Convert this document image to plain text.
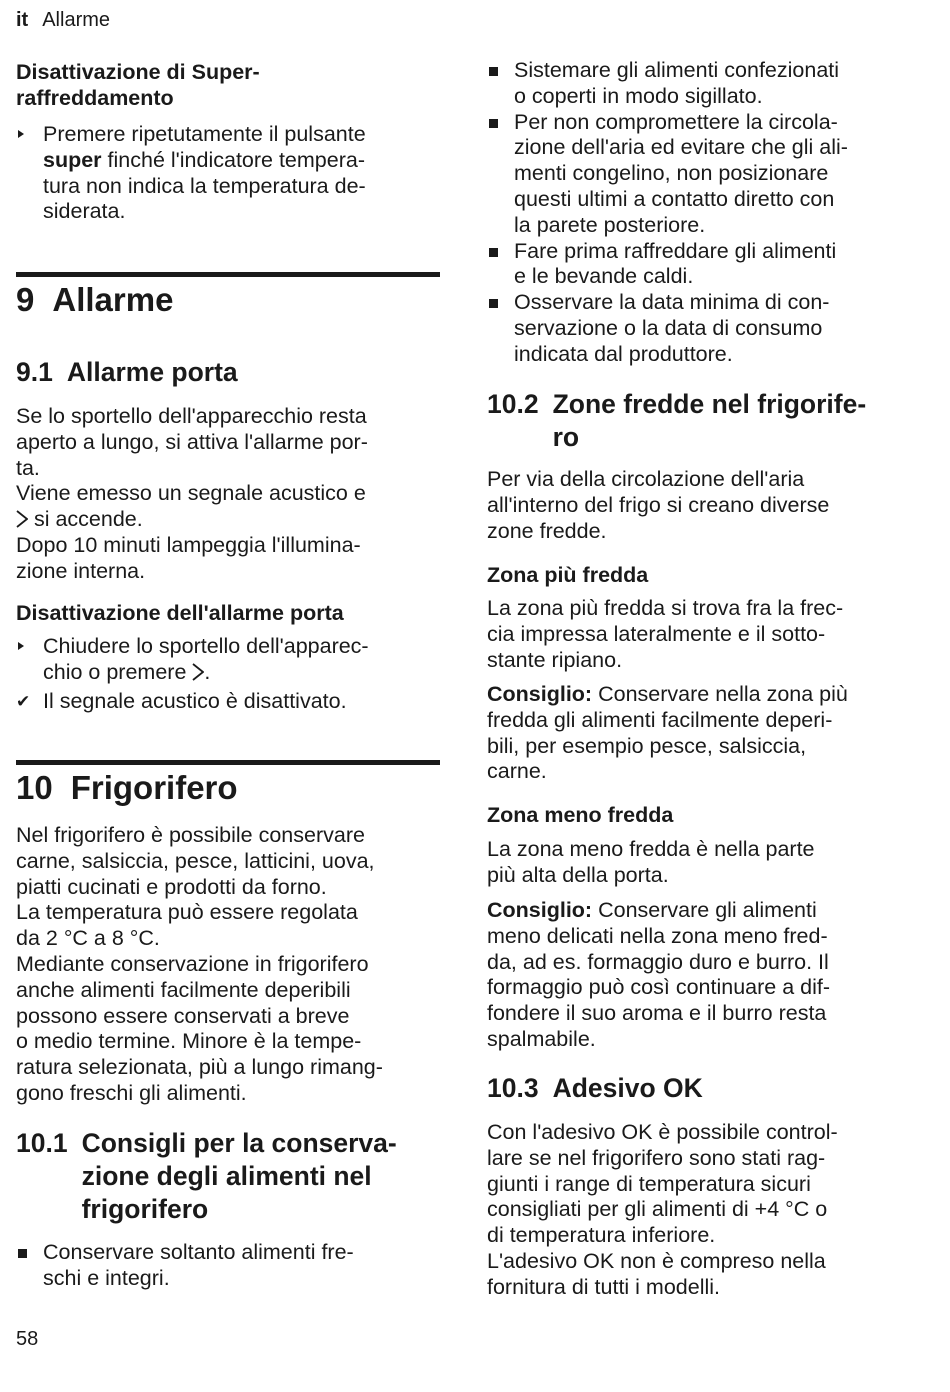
it Allarme
Disattivazione di Super-
raffreddamento
Premere ripetutamente il pulsante
super finché l'indicatore tempera-
tura non indica la temperatura de-
siderata.
9 Allarme
9.1 Allarme porta
Se lo sportello dell'apparecchio resta
aperto a lungo, si attiva l'allarme por-
ta.
Viene emesso un segnale acustico e
si accende.
Dopo 10 minuti lampeggia l'illumina-
zione interna.
Disattivazione dell'allarme porta
Chiudere lo sportello dell'apparec-
chio o premere .
✔ Il segnale acustico è disattivato.
10 Frigorifero
Nel frigorifero è possibile conservare
carne, salsiccia, pesce, latticini, uova,
piatti cucinati e prodotti da forno.
La temperatura può essere regolata
da 2 °C a 8 °C.
Mediante conservazione in frigorifero
anche alimenti facilmente deperibili
possono essere conservati a breve
o medio termine. Minore è la tempe-
ratura selezionata, più a lungo rimang-
gono freschi gli alimenti.
10.1 Consigli per la conserva-
zione degli alimenti nel
frigorifero
Conservare soltanto alimenti fre-
schi e integri.
Sistemare gli alimenti confezionati
o coperti in modo sigillato.
Per non compromettere la circola-
zione dell'aria ed evitare che gli ali-
menti congelino, non posizionare
questi ultimi a contatto diretto con
la parete posteriore.
Fare prima raffreddare gli alimenti
e le bevande caldi.
Osservare la data minima di con-
servazione o la data di consumo
indicata dal produttore.
10.2 Zone fredde nel frigorife-
ro
Per via della circolazione dell'aria
all'interno del frigo si creano diverse
zone fredde.
Zona più fredda
La zona più fredda si trova fra la frec-
cia impressa lateralmente e il sotto-
stante ripiano.
Consiglio: Conservare nella zona più
fredda gli alimenti facilmente deperi-
bili, per esempio pesce, salsiccia,
carne.
Zona meno fredda
La zona meno fredda è nella parte
più alta della porta.
Consiglio: Conservare gli alimenti
meno delicati nella zona meno fred-
da, ad es. formaggio duro e burro. Il
formaggio può così continuare a dif-
fondere il suo aroma e il burro resta
spalmabile.
10.3 Adesivo OK
Con l'adesivo OK è possibile control-
lare se nel frigorifero sono stati rag-
giunti i range di temperatura sicuri
consigliati per gli alimenti di +4 °C o
di temperatura inferiore.
L'adesivo OK non è compreso nella
fornitura di tutti i modelli.
58
